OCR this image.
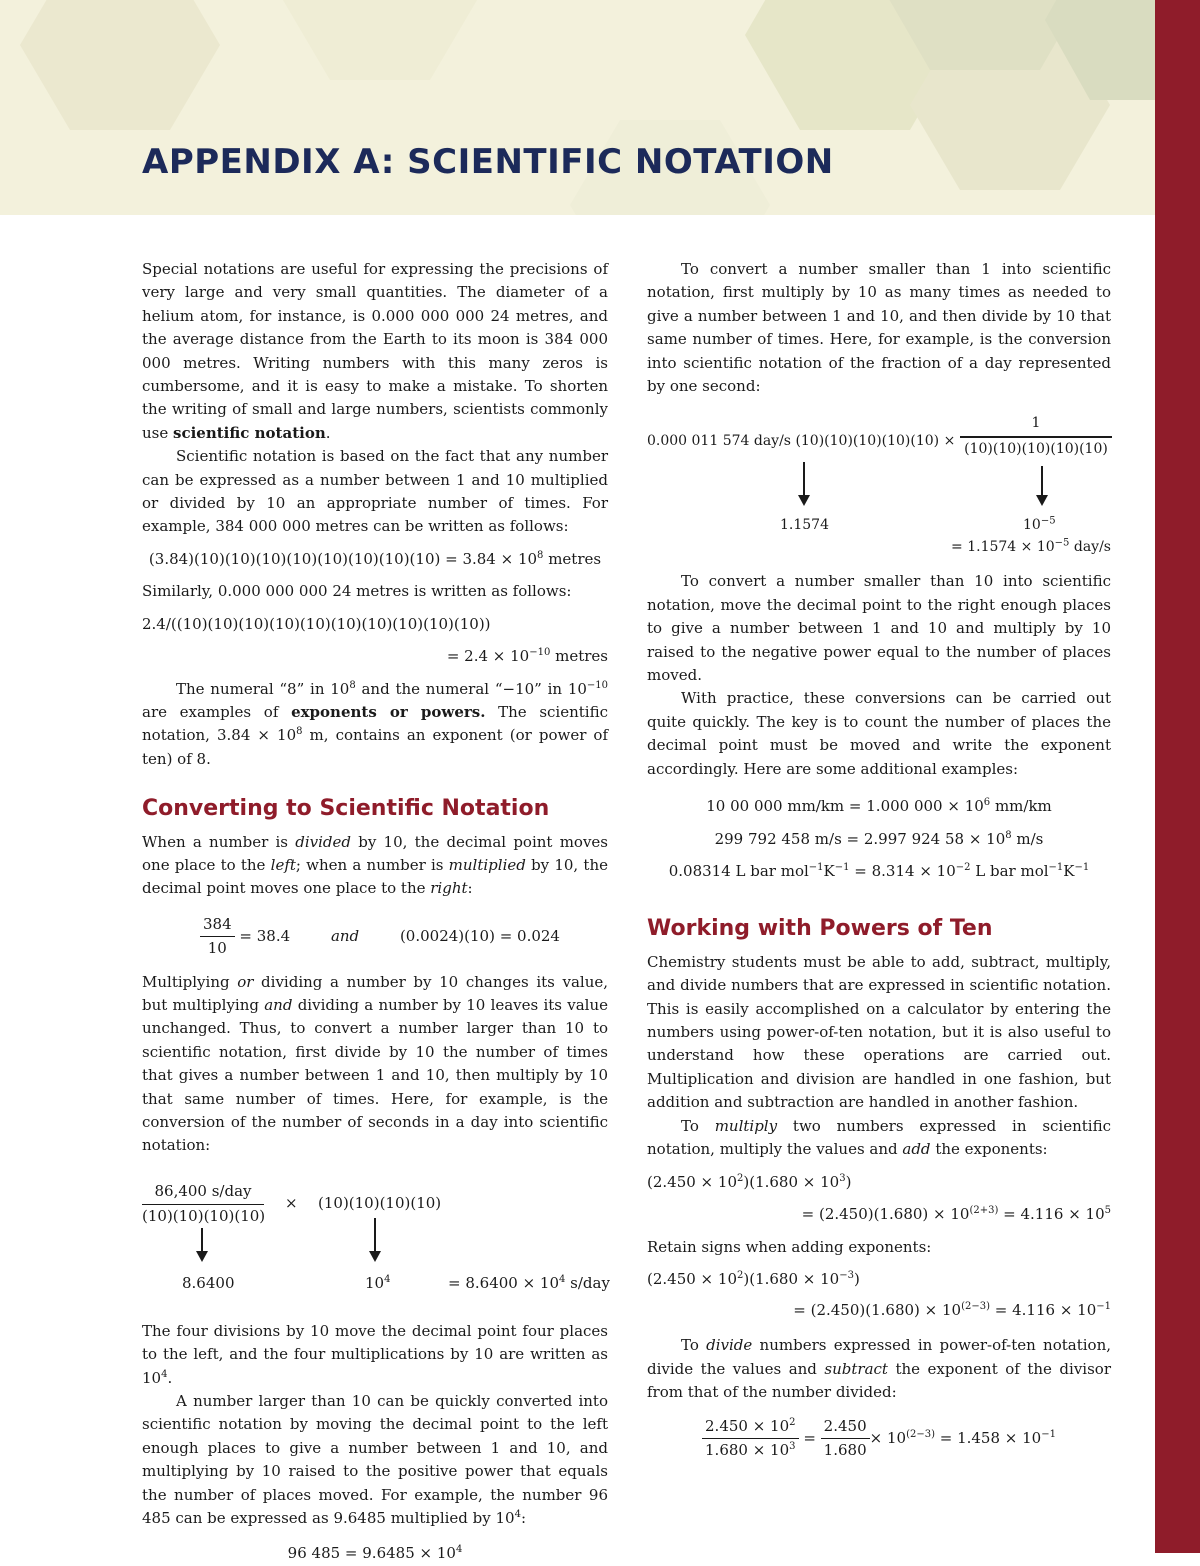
APPENDIX A: SCIENTIFIC NOTATION

Special notations are useful for expressing the precisions of very large and very small quantities. The diameter of a helium atom, for instance, is 0.000 000 000 24 metres, and the average distance from the Earth to its moon is 384 000 000 metres. Writing numbers with this many zeros is cumbersome, and it is easy to make a mistake. To shorten the writing of small and large numbers, scientists commonly use scientific notation.

Scientific notation is based on the fact that any number can be expressed as a number between 1 and 10 multiplied or divided by 10 an appropriate number of times. For example, 384 000 000 metres can be written as follows:

$(3.84)(10)(10)(10)(10)(10)(10)(10)(10) = 3.84 \times 10^8$ metres

Similarly, 0.000 000 000 24 metres is written as follows:

2.4/((10)(10)(10)(10)(10)(10)(10)(10)(10)(10))
= $2.4 \times 10^{-10}$ metres

The numeral “8” in $10^8$ and the numeral “−10” in $10^{-10}$ are examples of exponents or powers. The scientific notation, $3.84 \times 10^8$ m, contains an exponent (or power of ten) of 8.

Converting to Scientific Notation

When a number is divided by 10, the decimal point moves one place to the left; when a number is multiplied by 10, the decimal point moves one place to the right:

$\frac{384}{10} = 38.4$	and	(0.0024)(10) = 0.024

Multiplying or dividing a number by 10 changes its value, but multiplying and dividing a number by 10 leaves its value unchanged. Thus, to convert a number larger than 10 to scientific notation, first divide by 10 the number of times that gives a number between 1 and 10, then multiply by 10 that same number of times. Here, for example, is the conversion of the number of seconds in a day into scientific notation:

86,400 s/day
(10)(10)(10)(10)
× (10)(10)(10)(10)
8.6400	$10^4$	= $8.6400 \times 10^4$ s/day

The four divisions by 10 move the decimal point four places to the left, and the four multiplications by 10 are written as $10^4$.

A number larger than 10 can be quickly converted into scientific notation by moving the decimal point to the left enough places to give a number between 1 and 10, and multiplying by 10 raised to the positive power that equals the number of places moved. For example, the number 96 485 can be expressed as 9.6485 multiplied by $10^4$:

96 $485 = 9.6485 \times 10^4$

To convert a number smaller than 1 into scientific notation, first multiply by 10 as many times as needed to give a number between 1 and 10, and then divide by 10 that same number of times. Here, for example, is the conversion into scientific notation of the fraction of a day represented by one second:

0.000 011 574 day/s (10)(10)(10)(10)(10) ×
1
(10)(10)(10)(10)(10)
1.1574	$10^{-5}$
= $1.1574 \times 10^{-5}$ day/s

To convert a number smaller than 10 into scientific notation, move the decimal point to the right enough places to give a number between 1 and 10 and multiply by 10 raised to the negative power equal to the number of places moved.

With practice, these conversions can be carried out quite quickly. The key is to count the number of places the decimal point must be moved and write the exponent accordingly. Here are some additional examples:

10 00 000 mm/km = 1.000 $000 \times 10^6$ mm/km
299 792 458 m/s = 2.997 924 $58 \times 10^8$ m/s
0.08314 L bar $mol^{-1}K^{-1} = 8.314 \times 10^{-2}$ L bar $mol^{-1}K^{-1}$
Working with Powers of Ten

Chemistry students must be able to add, subtract, multiply, and divide numbers that are expressed in scientific notation. This is easily accomplished on a calculator by entering the numbers using power-of-ten notation, but it is also useful to understand how these operations are carried out. Multiplication and division are handled in one fashion, but addition and subtraction are handled in another fashion.

To multiply two numbers expressed in scientific notation, multiply the values and add the exponents:

$(2.450 \times 10^2)(1.680 \times 10^3)$
= $(2.450)(1.680) \times 10^{(2+3)} = 4.116 \times 10^5$

Retain signs when adding exponents:

$(2.450 \times 10^2)(1.680 \times 10^{-3})$
= $(2.450)(1.680) \times 10^{(2-3)} = 4.116 \times 10^{-1}$

To divide numbers expressed in power-of-ten notation, divide the values and subtract the exponent of the divisor from that of the number divided:

$\frac{2.450 \times 10^2}{1.680 \times 10^3} = \frac{2.450}{1.680} \times 10^{(2-3)} = 1.458 \times 10^{-1}$
